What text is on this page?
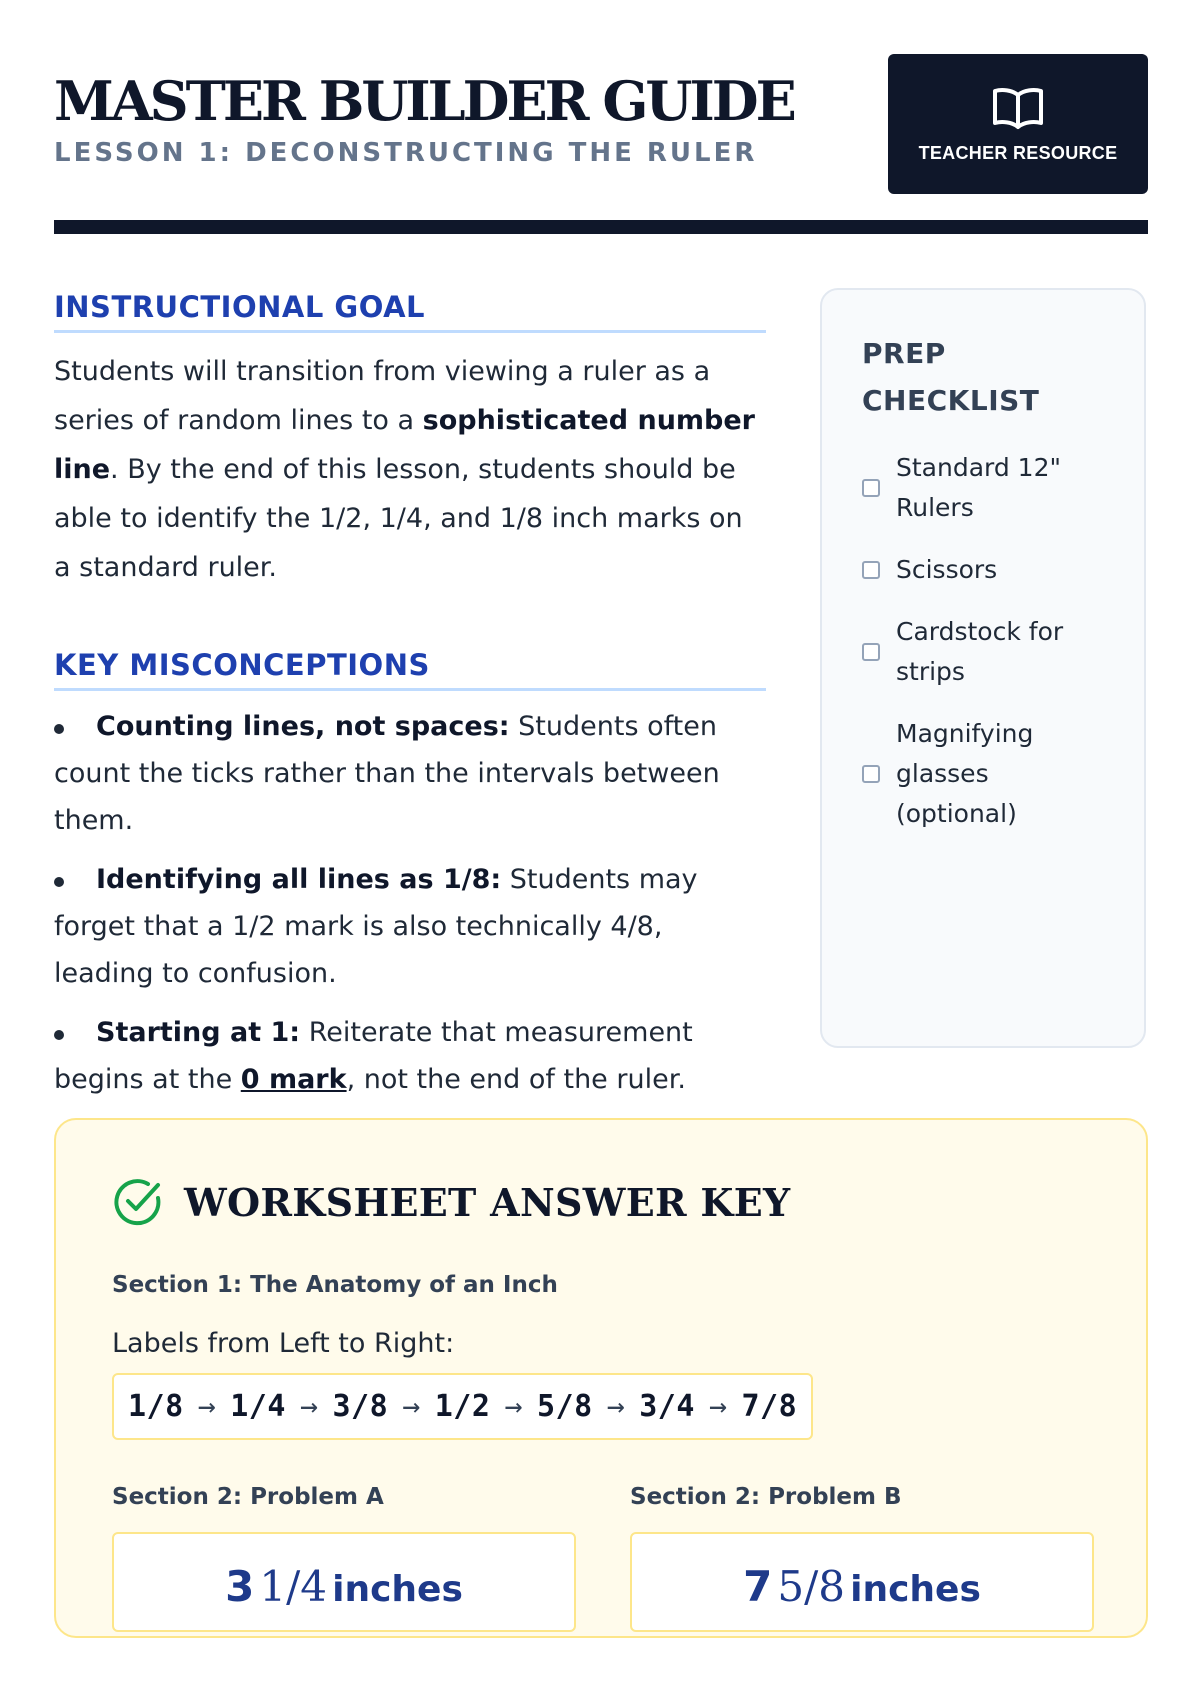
MASTER BUILDER GUIDE

LESSON 1: DECONSTRUCTING THE RULER	TEACHER RESOURCE
INSTRUCTIONAL GOAL

Students will transition from viewing a ruler as a series of random lines to a sophisticated number line. By the end of this lesson, students should be able to identify the 1/2, 1/4, and 1/8 inch marks on a standard ruler.

KEY MISCONCEPTIONS
Counting lines, not spaces: Students often count the ticks rather than the intervals between them.
Identifying all lines as 1/8: Students may forget that a 1/2 mark is also technically 4/8, leading to confusion.
Starting at 1: Reiterate that measurement begins at the 0 mark, not the end of the ruler.
PREP CHECKLIST
Standard 12" Rulers
Scissors
Cardstock for strips
Magnifying glasses (optional)
WORKSHEET ANSWER KEY

Section 1: The Anatomy of an Inch

Labels from Left to Right:

1/8 → 1/4 → 3/8 → 1/2 → 5/8 → 3/4 → 7/8

Section 2: Problem A

3 1/4 inches

Section 2: Problem B

7 5/8 inches
